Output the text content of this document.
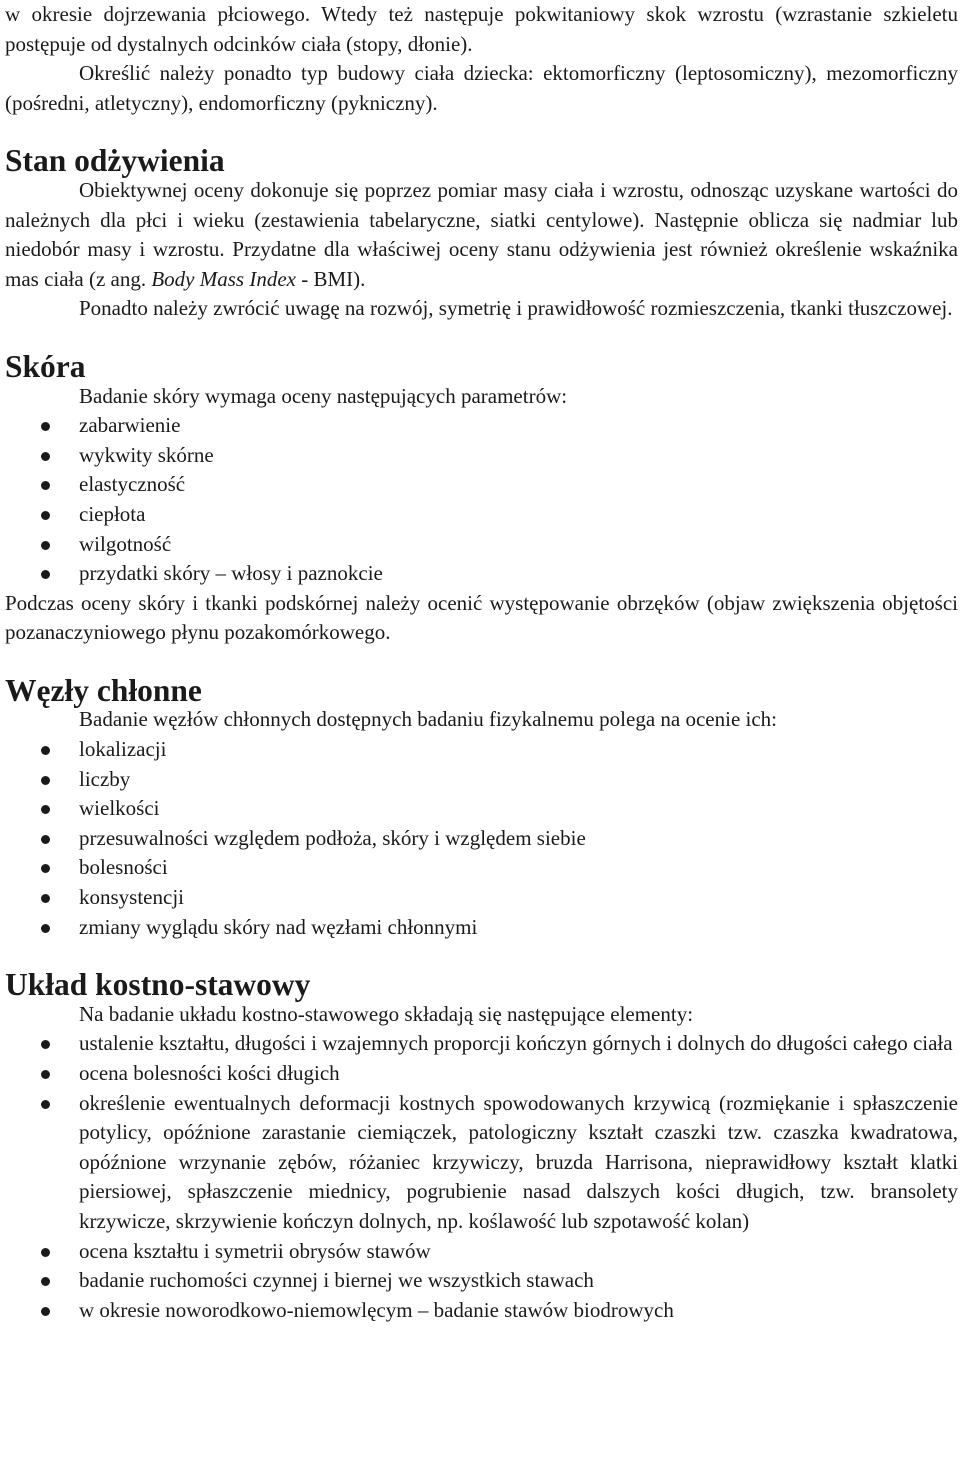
w okresie dojrzewania płciowego. Wtedy też następuje pokwitaniowy skok wzrostu (wzrastanie szkieletu postępuje od dystalnych odcinków ciała (stopy, dłonie).

Określić należy ponadto typ budowy ciała dziecka: ektomorficzny (leptosomiczny), mezomorficzny (pośredni, atletyczny), endomorficzny (pykniczny).

Stan odżywienia

Obiektywnej oceny dokonuje się poprzez pomiar masy ciała i wzrostu, odnosząc uzyskane wartości do należnych dla płci i wieku (zestawienia tabelaryczne, siatki centylowe). Następnie oblicza się nadmiar lub niedobór masy i wzrostu. Przydatne dla właściwej oceny stanu odżywienia jest również określenie wskaźnika mas ciała (z ang. Body Mass Index - BMI).

Ponadto należy zwrócić uwagę na rozwój, symetrię i prawidłowość rozmieszczenia, tkanki tłuszczowej.

Skóra

Badanie skóry wymaga oceny następujących parametrów:

zabarwienie
wykwity skórne
elastyczność
ciepłota
wilgotność
przydatki skóry – włosy i paznokcie

Podczas oceny skóry i tkanki podskórnej należy ocenić występowanie obrzęków (objaw zwiększenia objętości pozanaczyniowego płynu pozakomórkowego.

Węzły chłonne

Badanie węzłów chłonnych dostępnych badaniu fizykalnemu polega na ocenie ich:

lokalizacji
liczby
wielkości
przesuwalności względem podłoża, skóry i względem siebie
bolesności
konsystencji
zmiany wyglądu skóry nad węzłami chłonnymi
Układ kostno-stawowy

Na badanie układu kostno-stawowego składają się następujące elementy:

ustalenie kształtu, długości i wzajemnych proporcji kończyn górnych i dolnych do długości całego ciała
ocena bolesności kości długich
określenie ewentualnych deformacji kostnych spowodowanych krzywicą (rozmiękanie i spłaszczenie potylicy, opóźnione zarastanie ciemiączek, patologiczny kształt czaszki tzw. czaszka kwadratowa, opóźnione wrzynanie zębów, różaniec krzywiczy, bruzda Harrisona, nieprawidłowy kształt klatki piersiowej, spłaszczenie miednicy, pogrubienie nasad dalszych kości długich, tzw. bransolety krzywicze, skrzywienie kończyn dolnych, np. koślawość lub szpotawość kolan)
ocena kształtu i symetrii obrysów stawów
badanie ruchomości czynnej i biernej we wszystkich stawach
w okresie noworodkowo-niemowlęcym – badanie stawów biodrowych
